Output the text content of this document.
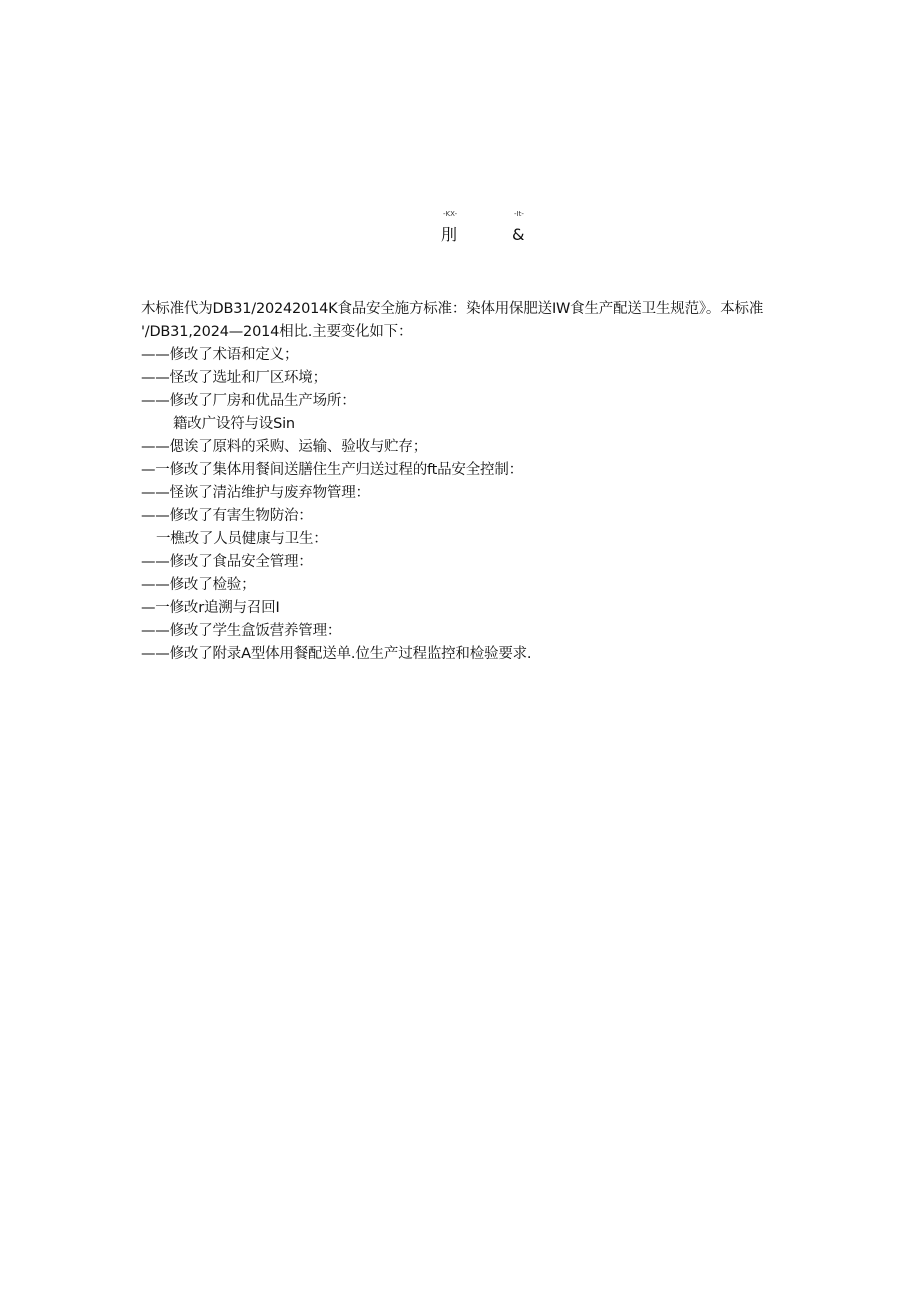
-KX-	-It-
刖	&
木标准代为DB31/20242014K食品安全施方标准：染体用保肥送IW食生产配送卫生规范》。本标准
'/DB31,2024—2014相比.主要变化如下：
——修改了术语和定义；
——怪改了选址和厂区环境；
——修改了厂房和优品生产场所：
籍改广设符与设Sin
——偲诶了原料的采购、运输、验收与贮存；
—一修改了集体用餐间送膳住生产归送过程的ft品安全控制：
——怪诙了清沾维护与废弃物管理：
——修改了有害生物防治：
一樵改了人员健康与卫生：
——修改了食品安全管理：
——修改了检验；
—一修改r追溯与召回I
——修改了学生盒饭营养管理：
——修改了附录A型体用餐配送单.位生产过程监控和检验要求.
